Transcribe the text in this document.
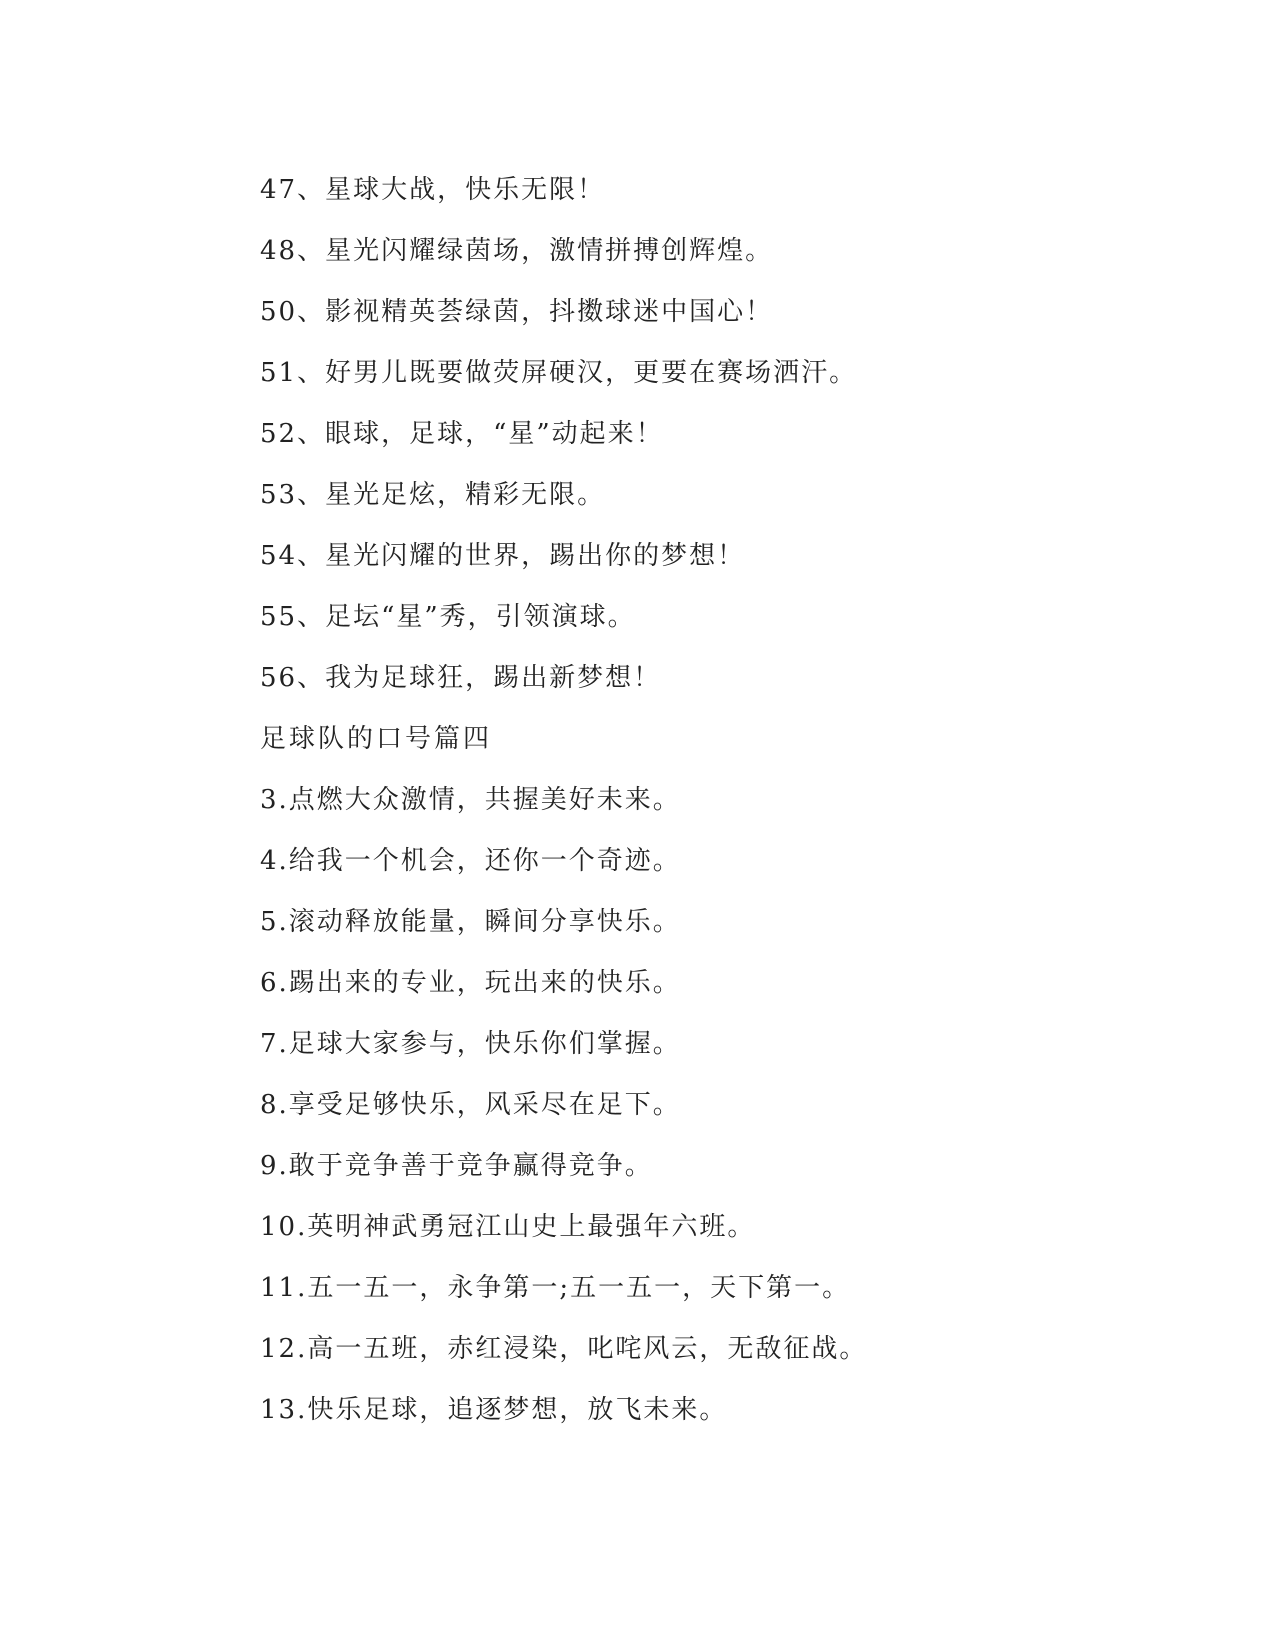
47、星球大战，快乐无限！
48、星光闪耀绿茵场，激情拼搏创辉煌。
50、影视精英荟绿茵，抖擞球迷中国心！
51、好男儿既要做荧屏硬汉，更要在赛场洒汗。
52、眼球，足球，“星”动起来！
53、星光足炫，精彩无限。
54、星光闪耀的世界，踢出你的梦想！
55、足坛“星”秀，引领演球。
56、我为足球狂，踢出新梦想！
足球队的口号篇四
3.点燃大众激情，共握美好未来。
4.给我一个机会，还你一个奇迹。
5.滚动释放能量，瞬间分享快乐。
6.踢出来的专业，玩出来的快乐。
7.足球大家参与，快乐你们掌握。
8.享受足够快乐，风采尽在足下。
9.敢于竞争善于竞争赢得竞争。
10.英明神武勇冠江山史上最强年六班。
11.五一五一，永争第一;五一五一，天下第一。
12.高一五班，赤红浸染，叱咤风云，无敌征战。
13.快乐足球，追逐梦想，放飞未来。
